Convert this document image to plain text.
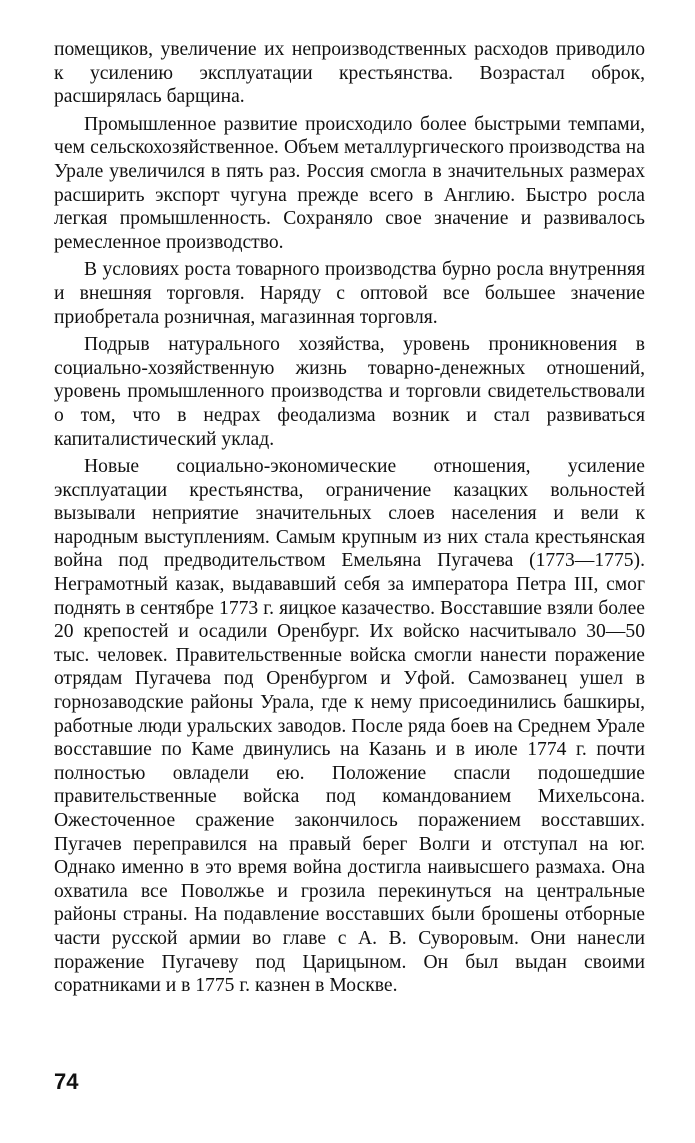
помещиков, увеличение их непроизводственных расходов приводило к усилению эксплуатации крестьянства. Возрастал оброк, расширялась барщина.

Промышленное развитие происходило более быстрыми темпами, чем сельскохозяйственное. Объем металлургического производства на Урале увеличился в пять раз. Россия смогла в значительных размерах расширить экспорт чугуна прежде всего в Англию. Быстро росла легкая промышленность. Сохраняло свое значение и развивалось ремесленное производство.

В условиях роста товарного производства бурно росла внутренняя и внешняя торговля. Наряду с оптовой все большее значение приобретала розничная, магазинная торговля.

Подрыв натурального хозяйства, уровень проникновения в социально-хозяйственную жизнь товарно-денежных отношений, уровень промышленного производства и торговли свидетельствовали о том, что в недрах феодализма возник и стал развиваться капиталистический уклад.

Новые социально-экономические отношения, усиление эксплуатации крестьянства, ограничение казацких вольностей вызывали неприятие значительных слоев населения и вели к народным выступлениям. Самым крупным из них стала крестьянская война под предводительством Емельяна Пугачева (1773—1775). Неграмотный казак, выдававший себя за императора Петра III, смог поднять в сентябре 1773 г. яицкое казачество. Восставшие взяли более 20 крепостей и осадили Оренбург. Их войско насчитывало 30—50 тыс. человек. Правительственные войска смогли нанести поражение отрядам Пугачева под Оренбургом и Уфой. Самозванец ушел в горнозаводские районы Урала, где к нему присоединились башкиры, работные люди уральских заводов. После ряда боев на Среднем Урале восставшие по Каме двинулись на Казань и в июле 1774 г. почти полностью овладели ею. Положение спасли подошедшие правительственные войска под командованием Михельсона. Ожесточенное сражение закончилось поражением восставших. Пугачев переправился на правый берег Волги и отступал на юг. Однако именно в это время война достигла наивысшего размаха. Она охватила все Поволжье и грозила перекинуться на центральные районы страны. На подавление восставших были брошены отборные части русской армии во главе с А. В. Суворовым. Они нанесли поражение Пугачеву под Царицыном. Он был выдан своими соратниками и в 1775 г. казнен в Москве.

74
